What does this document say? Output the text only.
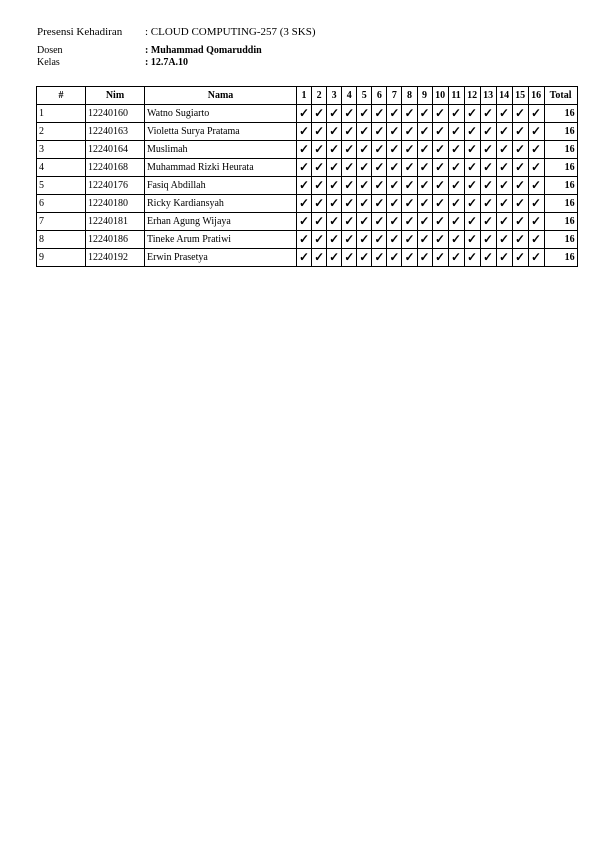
Presensi Kehadiran : CLOUD COMPUTING-257 (3 SKS)
Dosen	: Muhammad Qomaruddin
Kelas	: 12.7A.10
#	Nim	Nama	1	2	3	4	5	6	7	8	9	10	11	12	13	14	15	16	Total
1	12240160	Watno Sugiarto	✓	✓	✓	✓	✓	✓	✓	✓	✓	✓	✓	✓	✓	✓	✓	✓	16
2	12240163	Violetta Surya Pratama	✓	✓	✓	✓	✓	✓	✓	✓	✓	✓	✓	✓	✓	✓	✓	✓	16
3	12240164	Muslimah	✓	✓	✓	✓	✓	✓	✓	✓	✓	✓	✓	✓	✓	✓	✓	✓	16
4	12240168	Muhammad Rizki Heurata	✓	✓	✓	✓	✓	✓	✓	✓	✓	✓	✓	✓	✓	✓	✓	✓	16
5	12240176	Fasiq Abdillah	✓	✓	✓	✓	✓	✓	✓	✓	✓	✓	✓	✓	✓	✓	✓	✓	16
6	12240180	Ricky Kardiansyah	✓	✓	✓	✓	✓	✓	✓	✓	✓	✓	✓	✓	✓	✓	✓	✓	16
7	12240181	Erhan Agung Wijaya	✓	✓	✓	✓	✓	✓	✓	✓	✓	✓	✓	✓	✓	✓	✓	✓	16
8	12240186	Tineke Arum Pratiwi	✓	✓	✓	✓	✓	✓	✓	✓	✓	✓	✓	✓	✓	✓	✓	✓	16
9	12240192	Erwin Prasetya	✓	✓	✓	✓	✓	✓	✓	✓	✓	✓	✓	✓	✓	✓	✓	✓	16
